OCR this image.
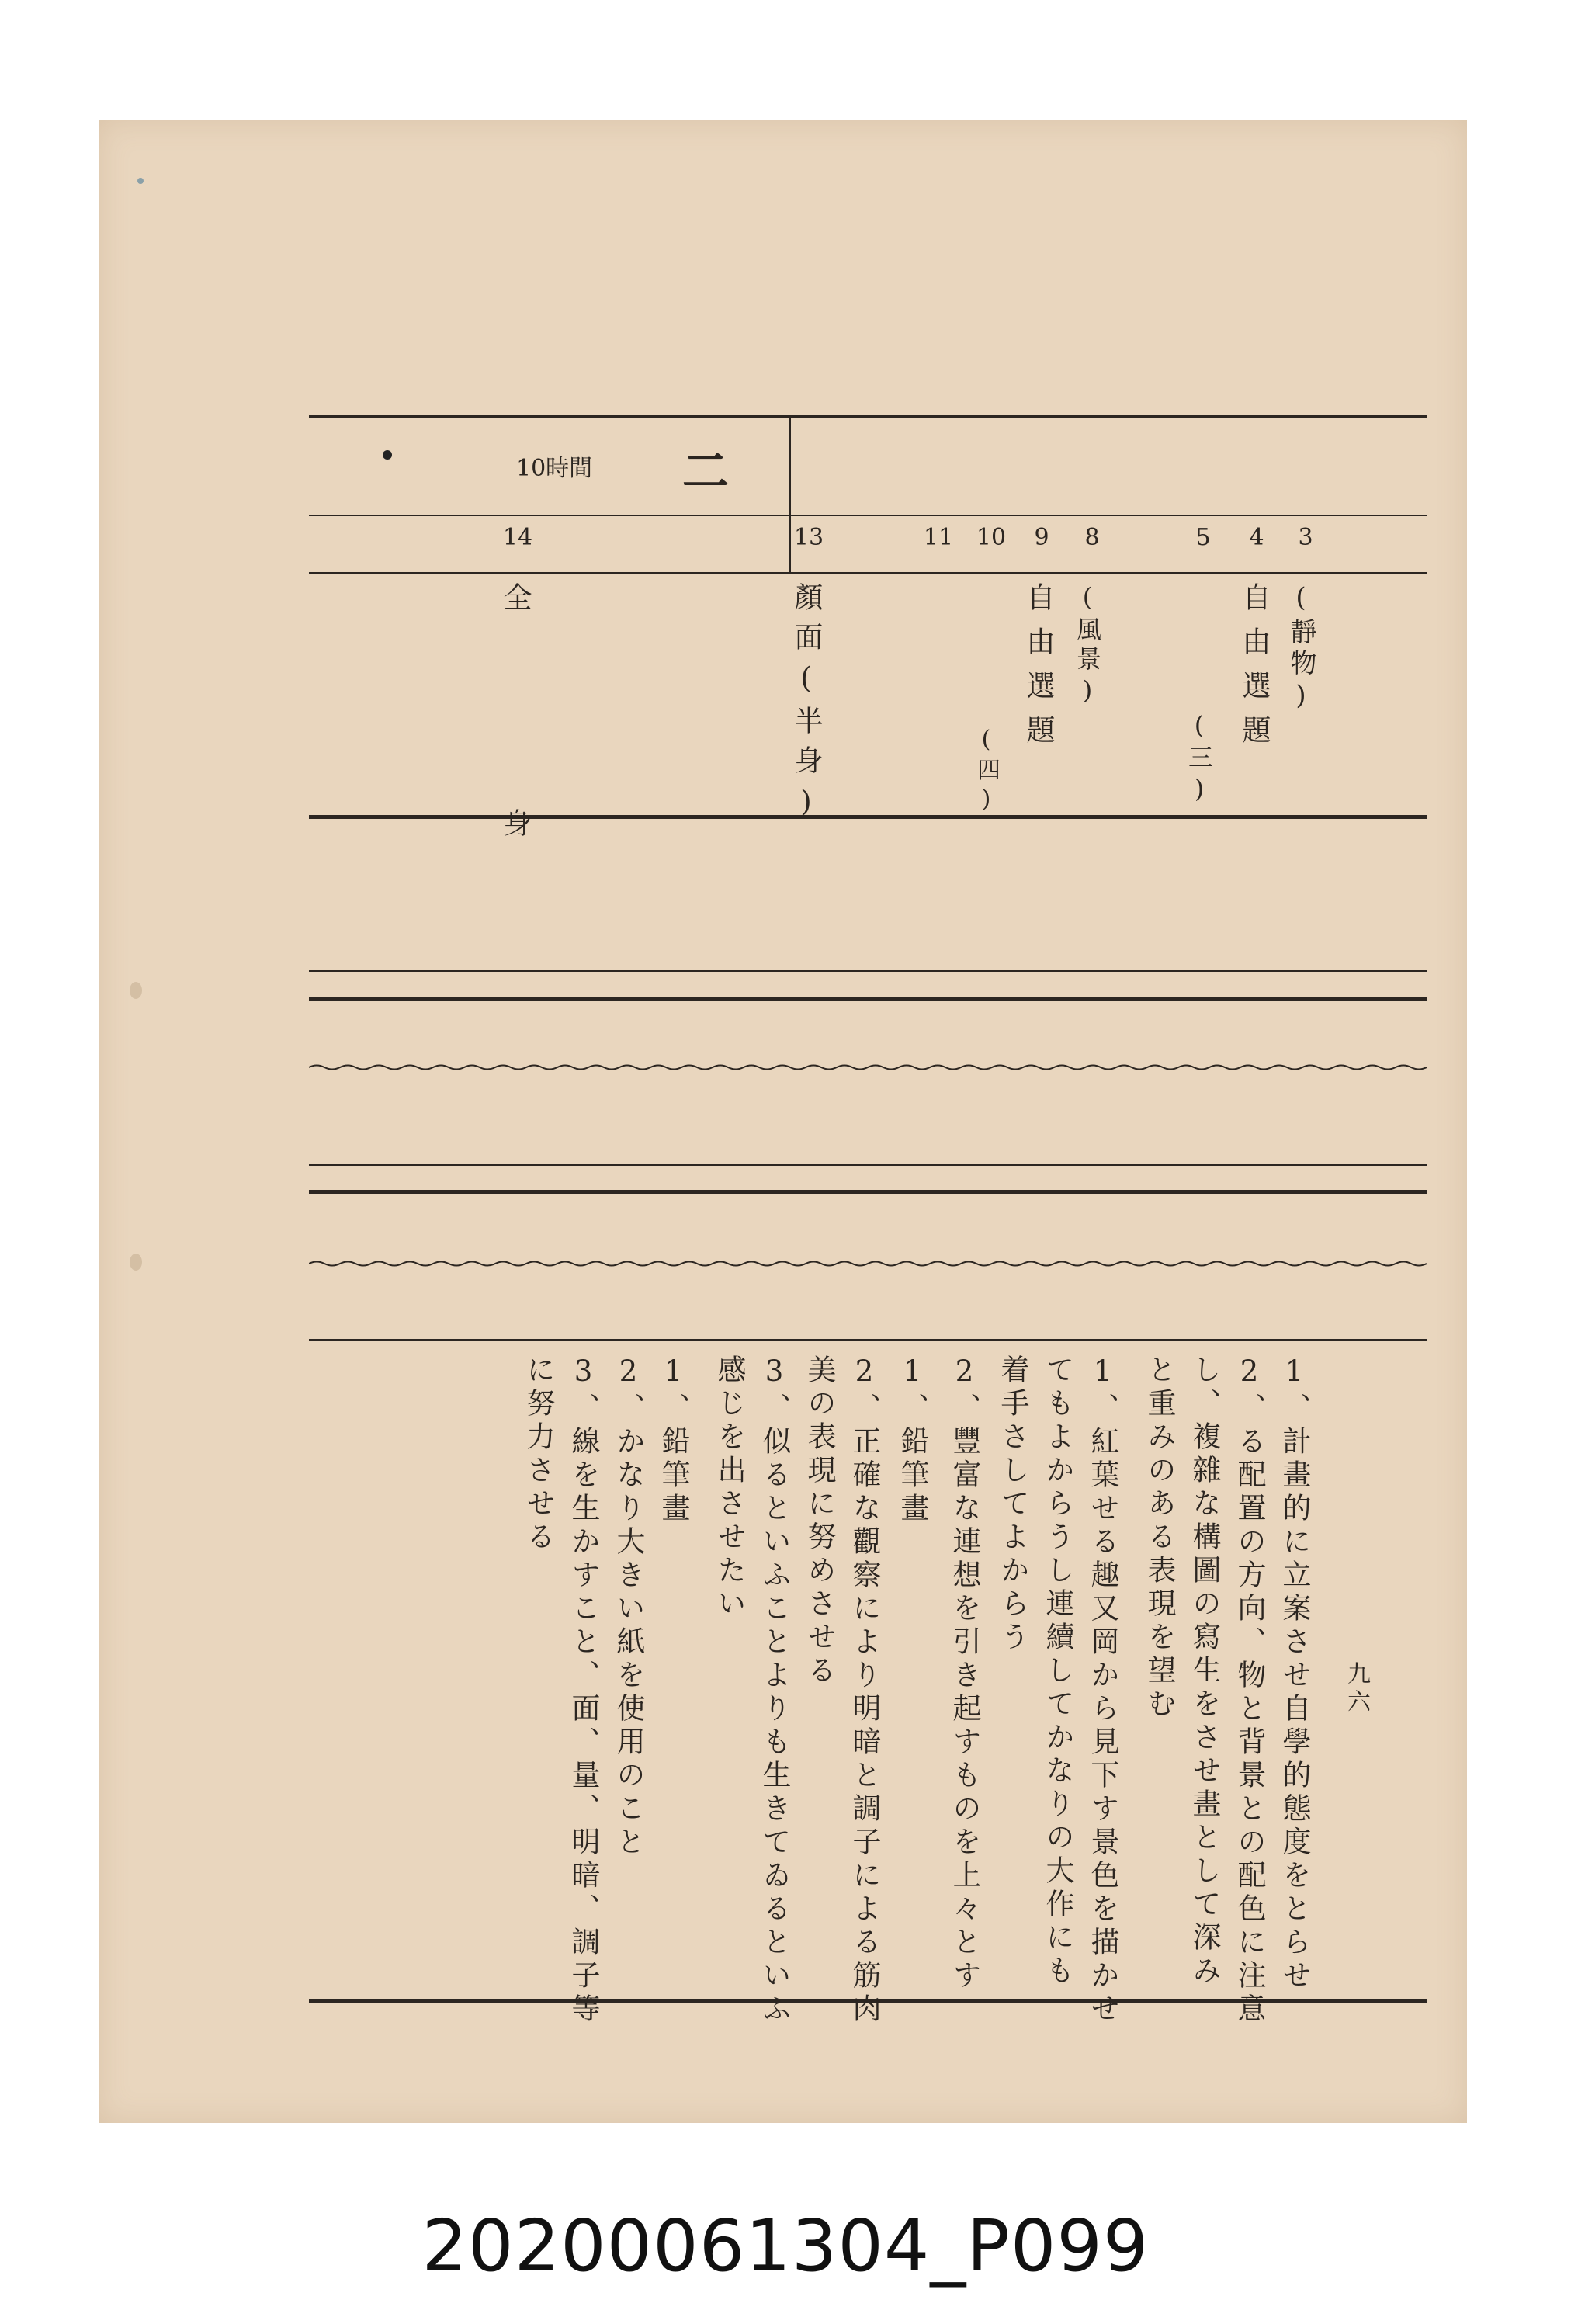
10時間 二
3
4
5
8
9
10
11
13
14
(靜物)
自由選題
(三)
(風景)
自由選題
(四)
顏面(半身)
全　　身
九六
1、計畫的に立案させ自學的態度をとらせ
2、る配置の方向、物と背景との配色に注意
し、複雜な構圖の寫生をさせ畫として深み
と重みのある表現を望む
1、紅葉せる趣又岡から見下す景色を描かせ
てもよからうし連續してかなりの大作にも
着手さしてよからう
2、豐富な連想を引き起すものを上々とす
1、鉛筆畫
2、正確な觀察により明暗と調子による筋肉
美の表現に努めさせる
3、似るといふことよりも生きてゐるといふ
感じを出させたい
1、鉛筆畫
2、かなり大きい紙を使用のこと
3、線を生かすこと、面、量、明暗、調子等
に努力させる
20200061304_P099
